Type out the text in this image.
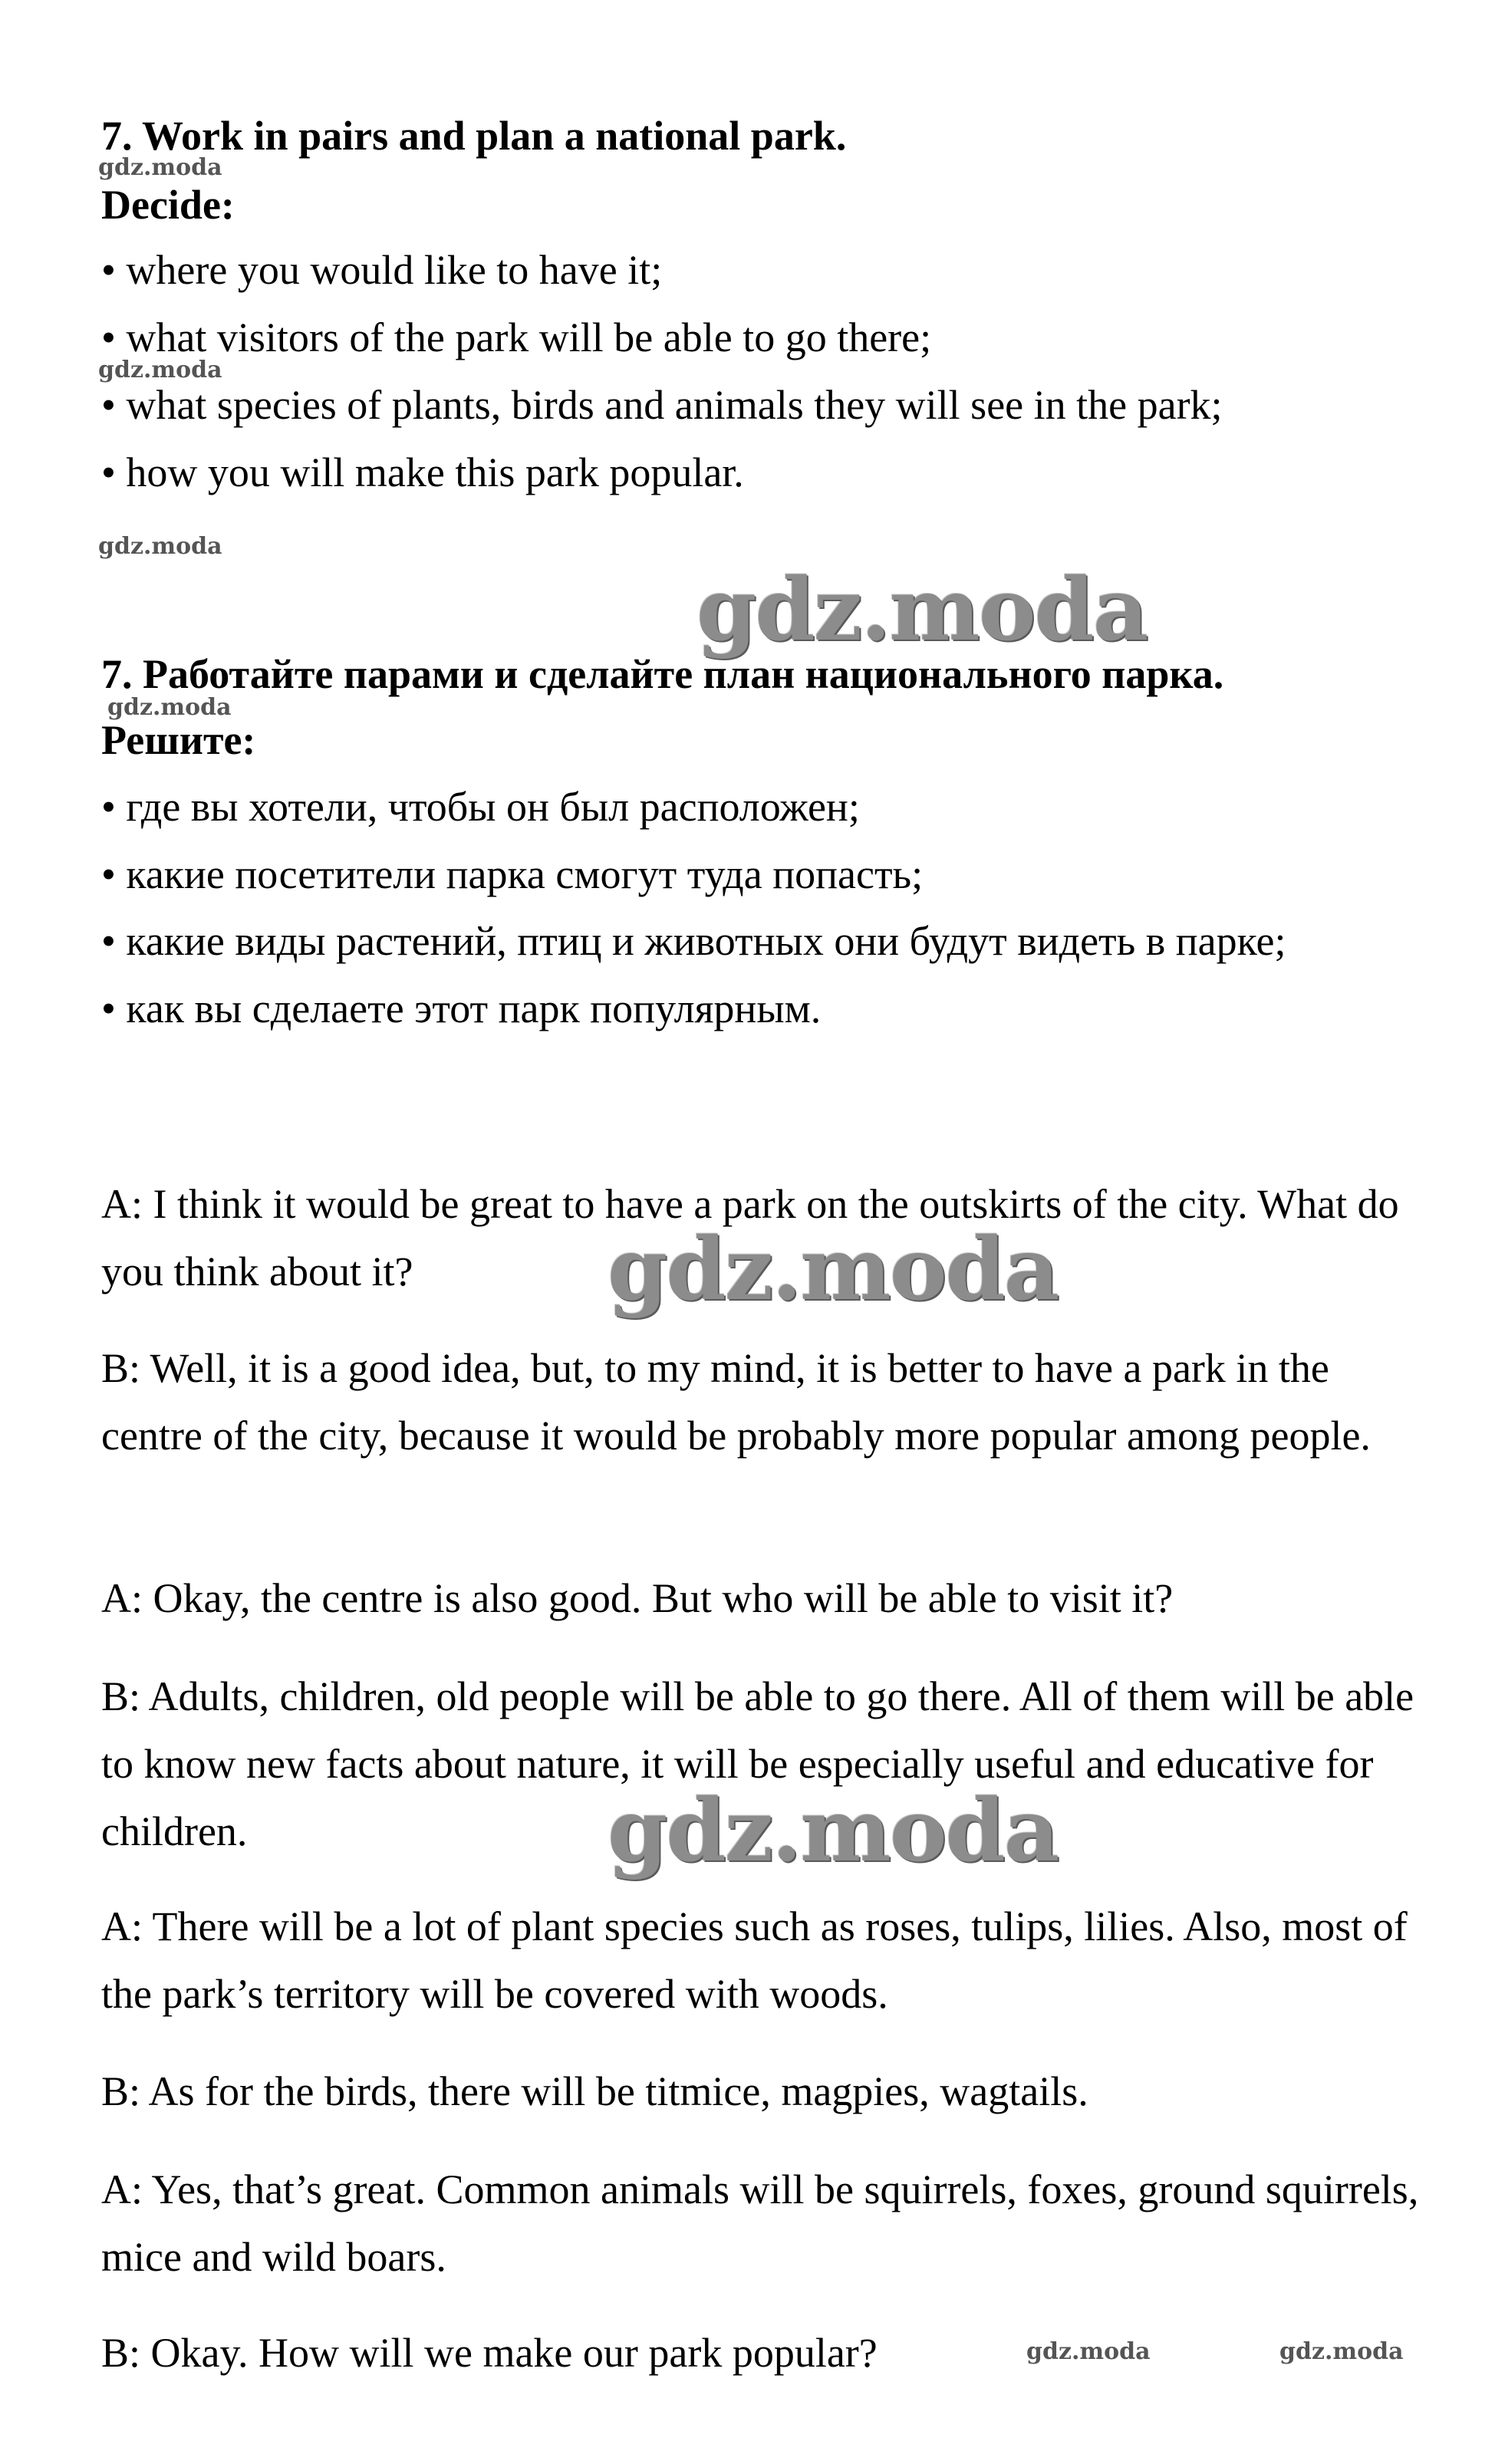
7. Work in pairs and plan a national park.
Decide:
• where you would like to have it;
• what visitors of the park will be able to go there;
• what species of plants, birds and animals they will see in the park;
• how you will make this park popular.
7. Работайте парами и сделайте план национального парка.
Решите:
• где вы хотели, чтобы он был расположен;
• какие посетители парка смогут туда попасть;
• какие виды растений, птиц и животных они будут видеть в парке;
• как вы сделаете этот парк популярным.
A: I think it would be great to have a park on the outskirts of the city. What do you think about it?
B: Well, it is a good idea, but, to my mind, it is better to have a park in the centre of the city, because it would be probably more popular among people.
A: Okay, the centre is also good. But who will be able to visit it?
B: Adults, children, old people will be able to go there. All of them will be able to know new facts about nature, it will be especially useful and educative for children.
A: There will be a lot of plant species such as roses, tulips, lilies. Also, most of the park’s territory will be covered with woods.
B: As for the birds, there will be titmice, magpies, wagtails.
A: Yes, that’s great. Common animals will be squirrels, foxes, ground squirrels, mice and wild boars.
B: Okay. How will we make our park popular?
gdz.moda
gdz.moda
gdz.moda
gdz.moda
gdz.moda
gdz.moda
gdz.moda
gdz.moda	gdz.moda
